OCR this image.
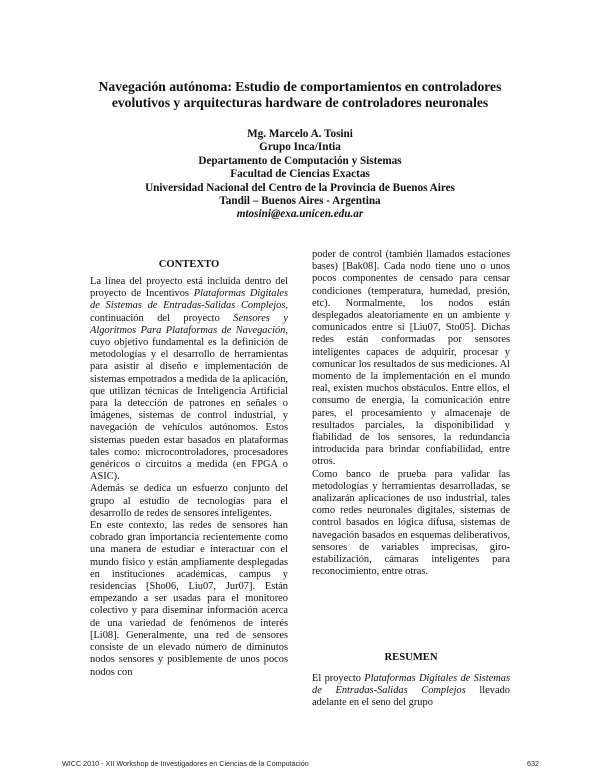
Navegación autónoma: Estudio de comportamientos en controladores
evolutivos y arquitecturas hardware de controladores neuronales
Mg. Marcelo A. Tosini
Grupo Inca/Intia
Departamento de Computación y Sistemas
Facultad de Ciencias Exactas
Universidad Nacional del Centro de la Provincia de Buenos Aires
Tandil – Buenos Aires - Argentina
mtosini@exa.unicen.edu.ar
CONTEXTO

La línea del proyecto está incluida dentro del proyecto de Incentivos Plataformas Digitales de Sistemas de Entradas-Salidas Complejos, continuación del proyecto Sensores y Algoritmos Para Plataformas de Navegación, cuyo objetivo fundamental es la definición de metodologías y el desarrollo de herramientas para asistir al diseño e implementación de sistemas empotrados a medida de la aplicación, que utilizan técnicas de Inteligencia Artificial para la detección de patrones en señales o imágenes, sistemas de control industrial, y navegación de vehículos autónomos. Estos sistemas pueden estar basados en plataformas tales como: microcontroladores, procesadores genéricos o circuitos a medida (en FPGA o ASIC).

Además se dedica un esfuerzo conjunto del grupo al estudio de tecnologías para el desarrollo de redes de sensores inteligentes.

En este contexto, las redes de sensores han cobrado gran importancia recientemente como una manera de estudiar e interactuar con el mundo físico y están ampliamente desplegadas en instituciones académicas, campus y residencias [Sho06, Liu07, Jur07]. Están empezando a ser usadas para el monitoreo colectivo y para diseminar información acerca de una variedad de fenómenos de interés [Li08]. Generalmente, una red de sensores consiste de un elevado número de diminutos nodos sensores y posiblemente de unos pocos nodos con

poder de control (también llamados estaciones bases) [Bak08]. Cada nodo tiene uno o unos pocos componentes de censado para censar condiciones (temperatura, humedad, presión, etc). Normalmente, los nodos están desplegados aleatoriamente en un ambiente y comunicados entre sí [Liu07, Sto05]. Dichas redes están conformadas por sensores inteligentes capaces de adquirir, procesar y comunicar los resultados de sus mediciones. Al momento de la implementación en el mundo real, existen muchos obstáculos. Entre ellos, el consumo de energía, la comunicación entre pares, el procesamiento y almacenaje de resultados parciales, la disponibilidad y fiabilidad de los sensores, la redundancia introducida para brindar confiabilidad, entre otros.

Como banco de prueba para validar las metodologías y herramientas desarrolladas, se analizarán aplicaciones de uso industrial, tales como redes neuronales digitales, sistemas de control basados en lógica difusa, sistemas de navegación basados en esquemas deliberativos, sensores de variables imprecisas, giro-estabilización, cámaras inteligentes para reconocimiento, entre otras.

RESUMEN

El proyecto Plataformas Digitales de Sistemas de Entradas-Salidas Complejos llevado adelante en el seno del grupo

WICC 2010 - XII Workshop de Investigadores en Ciencias de la Computación	632
